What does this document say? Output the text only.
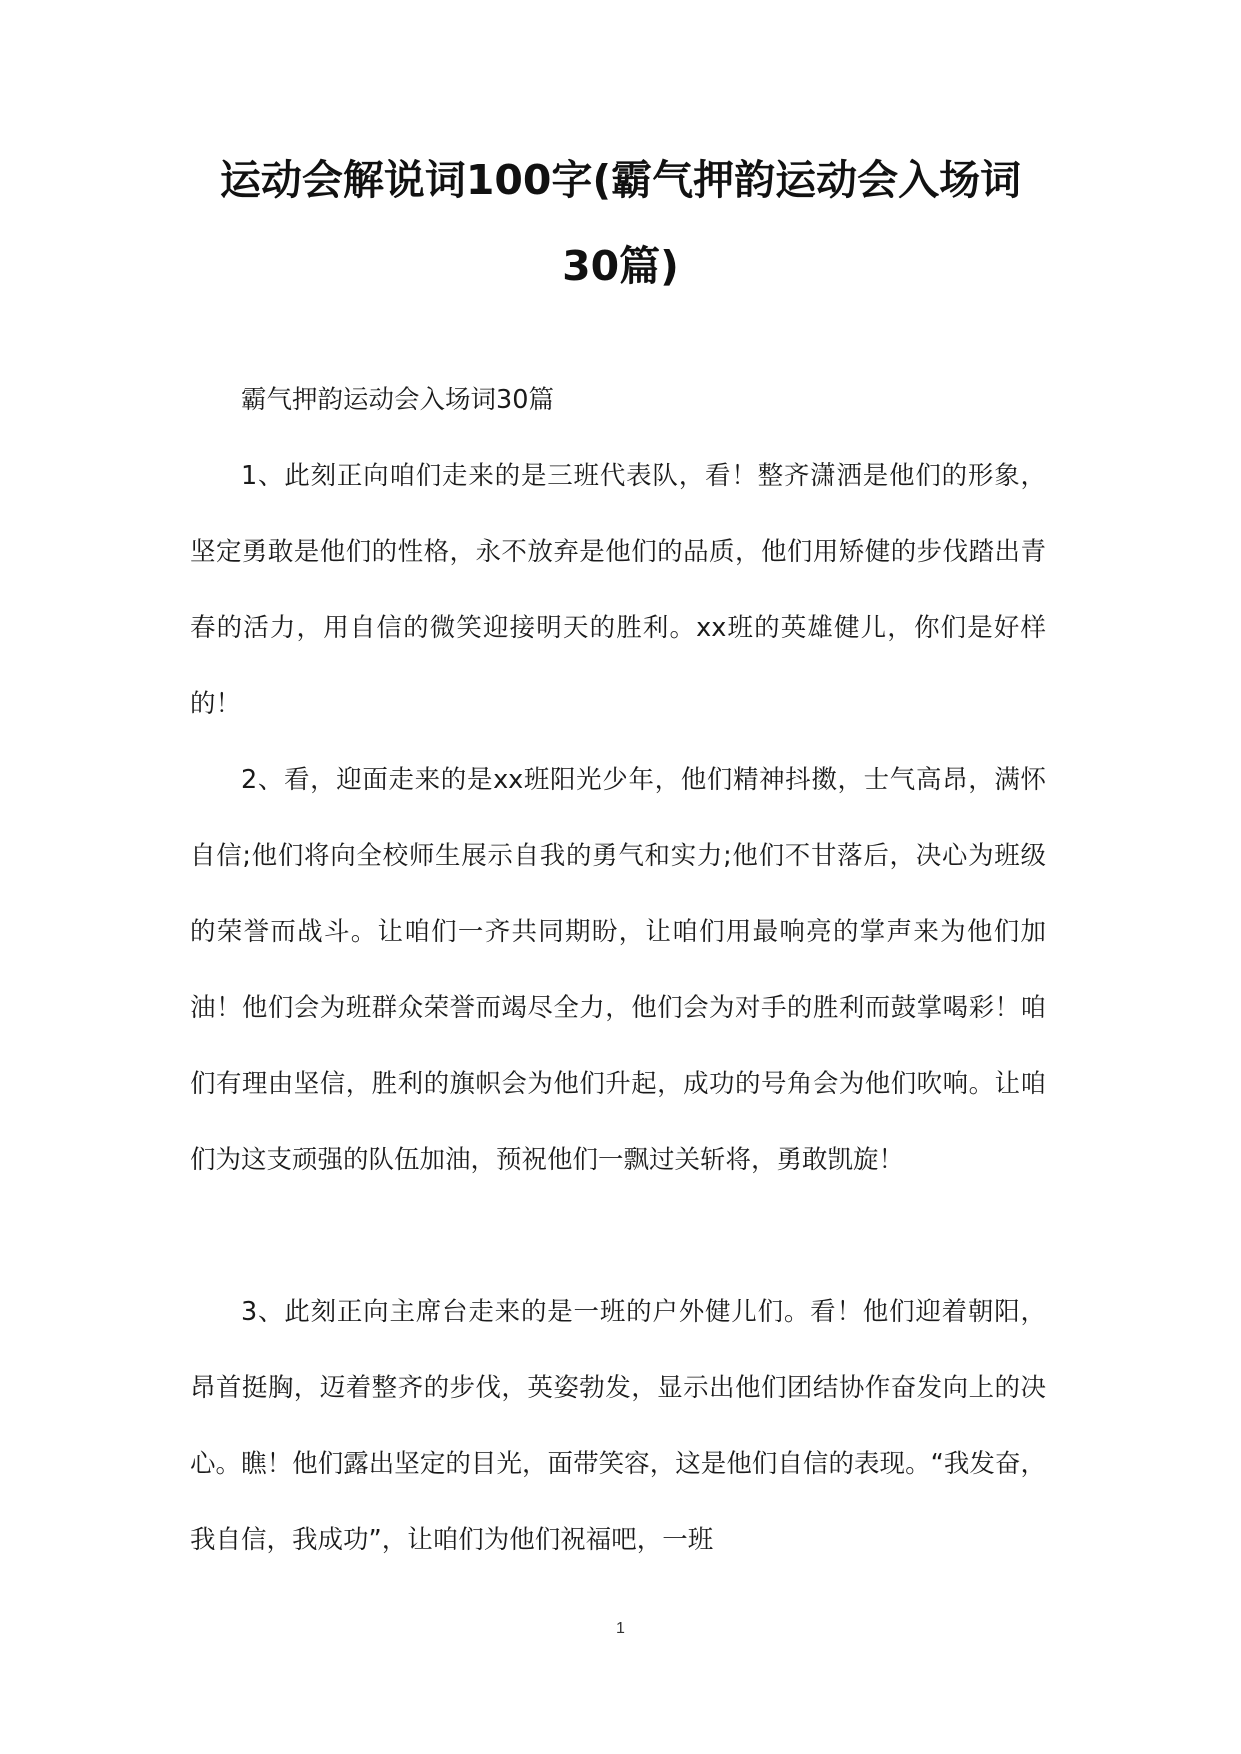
运动会解说词100字(霸气押韵运动会入场词
30篇)

霸气押韵运动会入场词30篇

1、此刻正向咱们走来的是三班代表队，看！整齐潇洒是他们的形象，坚定勇敢是他们的性格，永不放弃是他们的品质，他们用矫健的步伐踏出青春的活力，用自信的微笑迎接明天的胜利。xx班的英雄健儿，你们是好样的！

2、看，迎面走来的是xx班阳光少年，他们精神抖擞，士气高昂，满怀自信;他们将向全校师生展示自我的勇气和实力;他们不甘落后，决心为班级的荣誉而战斗。让咱们一齐共同期盼，让咱们用最响亮的掌声来为他们加油！他们会为班群众荣誉而竭尽全力，他们会为对手的胜利而鼓掌喝彩！咱们有理由坚信，胜利的旗帜会为他们升起，成功的号角会为他们吹响。让咱们为这支顽强的队伍加油，预祝他们一飘过关斩将，勇敢凯旋！

3、此刻正向主席台走来的是一班的户外健儿们。看！他们迎着朝阳，昂首挺胸，迈着整齐的步伐，英姿勃发，显示出他们团结协作奋发向上的决心。瞧！他们露出坚定的目光，面带笑容，这是他们自信的表现。“我发奋，我自信，我成功”，让咱们为他们祝福吧，一班

1
